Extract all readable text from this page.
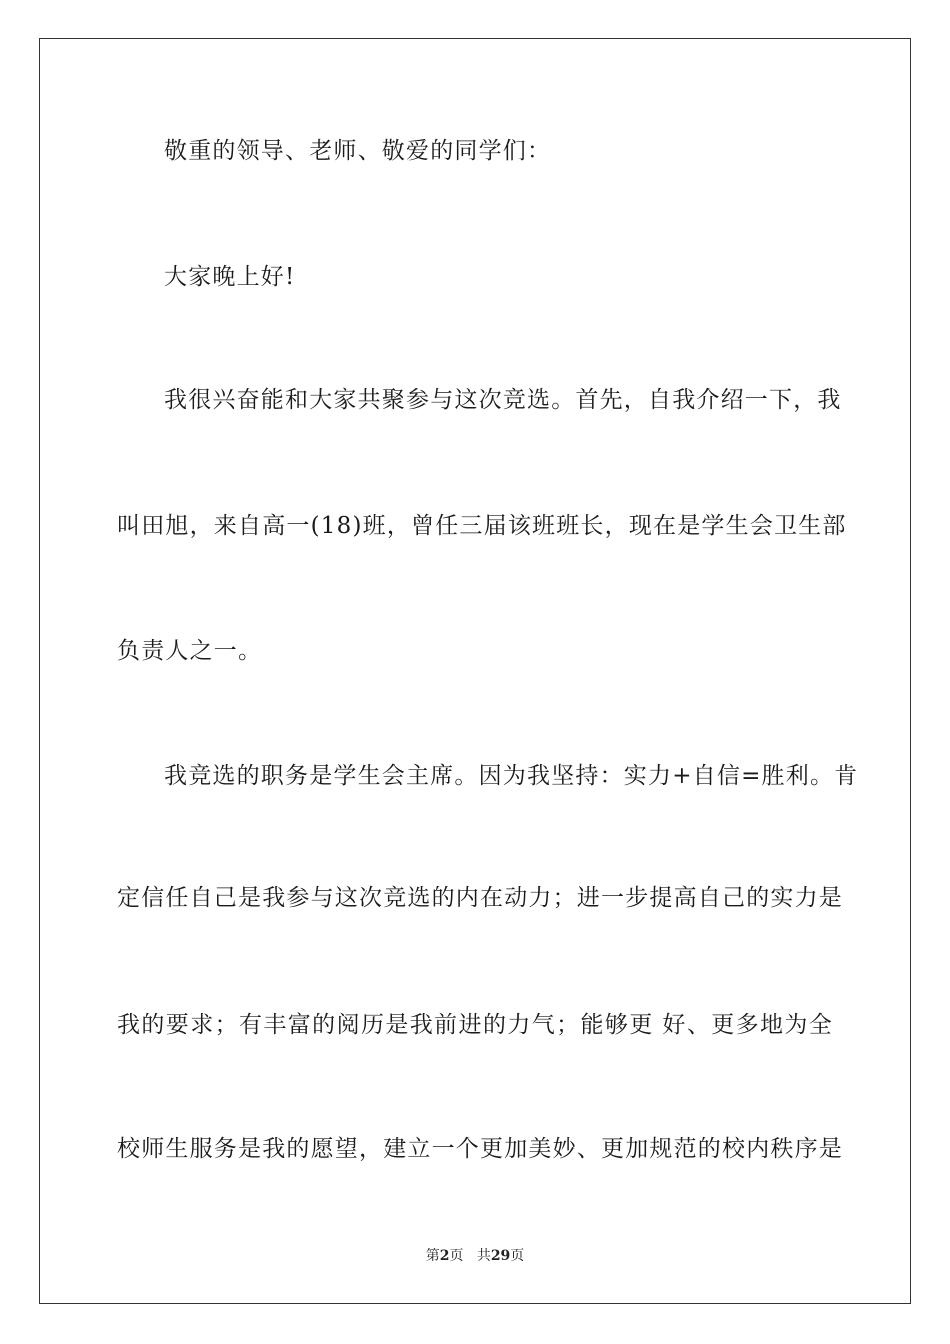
敬重的领导、老师、敬爱的同学们：
大家晚上好!
我很兴奋能和大家共聚参与这次竞选。首先，自我介绍一下，我
叫田旭，来自高一(18)班，曾任三届该班班长，现在是学生会卫生部
负责人之一。
我竞选的职务是学生会主席。因为我坚持：实力+自信=胜利。肯
定信任自己是我参与这次竞选的内在动力；进一步提高自己的实力是
我的要求；有丰富的阅历是我前进的力气；能够更 好、更多地为全
校师生服务是我的愿望，建立一个更加美妙、更加规范的校内秩序是
第2页 共29页
